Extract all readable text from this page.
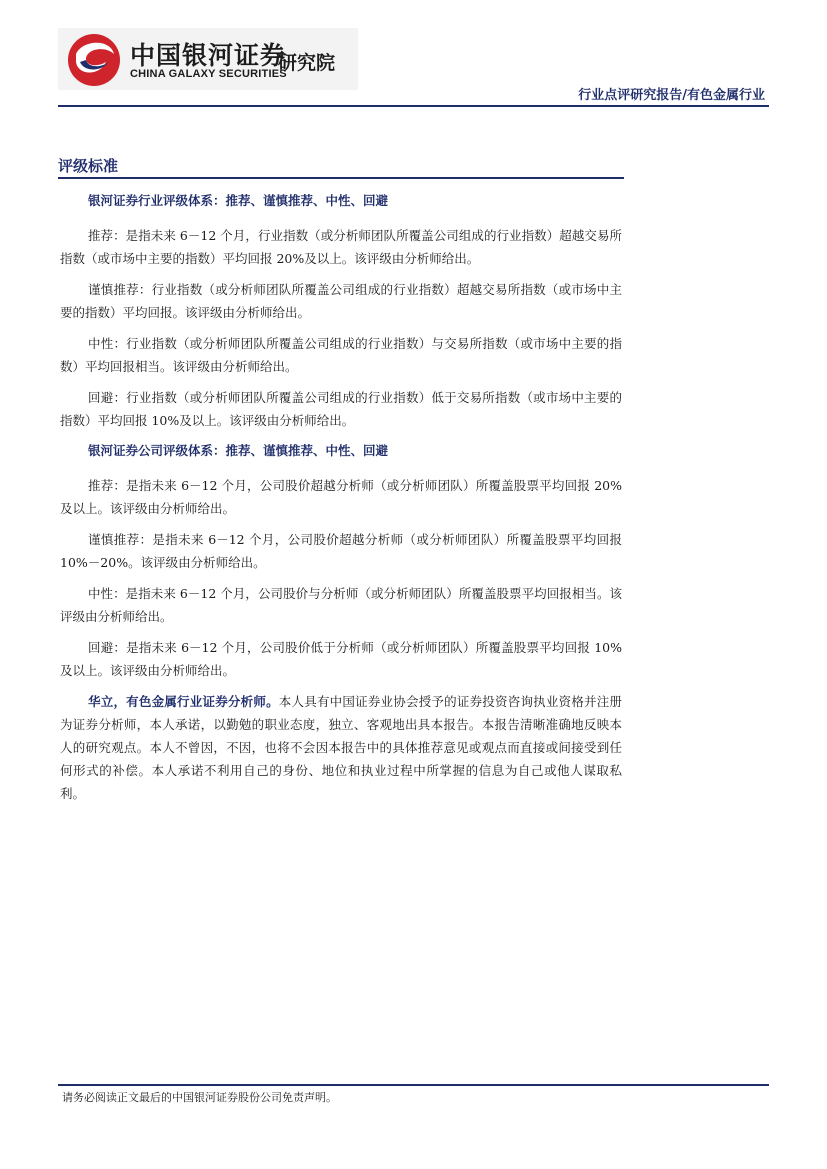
中国银河证券
CHINA GALAXY SECURITIES
研究院
行业点评研究报告/有色金属行业
评级标准

银河证券行业评级体系：推荐、谨慎推荐、中性、回避

推荐：是指未来 6－12 个月，行业指数（或分析师团队所覆盖公司组成的行业指数）超越交易所指数（或市场中主要的指数）平均回报 20%及以上。该评级由分析师给出。

谨慎推荐：行业指数（或分析师团队所覆盖公司组成的行业指数）超越交易所指数（或市场中主要的指数）平均回报。该评级由分析师给出。

中性：行业指数（或分析师团队所覆盖公司组成的行业指数）与交易所指数（或市场中主要的指数）平均回报相当。该评级由分析师给出。

回避：行业指数（或分析师团队所覆盖公司组成的行业指数）低于交易所指数（或市场中主要的指数）平均回报 10%及以上。该评级由分析师给出。

银河证券公司评级体系：推荐、谨慎推荐、中性、回避

推荐：是指未来 6－12 个月，公司股价超越分析师（或分析师团队）所覆盖股票平均回报 20%及以上。该评级由分析师给出。

谨慎推荐：是指未来 6－12 个月，公司股价超越分析师（或分析师团队）所覆盖股票平均回报 10%－20%。该评级由分析师给出。

中性：是指未来 6－12 个月，公司股价与分析师（或分析师团队）所覆盖股票平均回报相当。该评级由分析师给出。

回避：是指未来 6－12 个月，公司股价低于分析师（或分析师团队）所覆盖股票平均回报 10%及以上。该评级由分析师给出。

华立，有色金属行业证券分析师。本人具有中国证券业协会授予的证券投资咨询执业资格并注册为证券分析师，本人承诺，以勤勉的职业态度，独立、客观地出具本报告。本报告清晰准确地反映本人的研究观点。本人不曾因，不因，也将不会因本报告中的具体推荐意见或观点而直接或间接受到任何形式的补偿。本人承诺不利用自己的身份、地位和执业过程中所掌握的信息为自己或他人谋取私利。

请务必阅读正文最后的中国银河证券股份公司免责声明。
